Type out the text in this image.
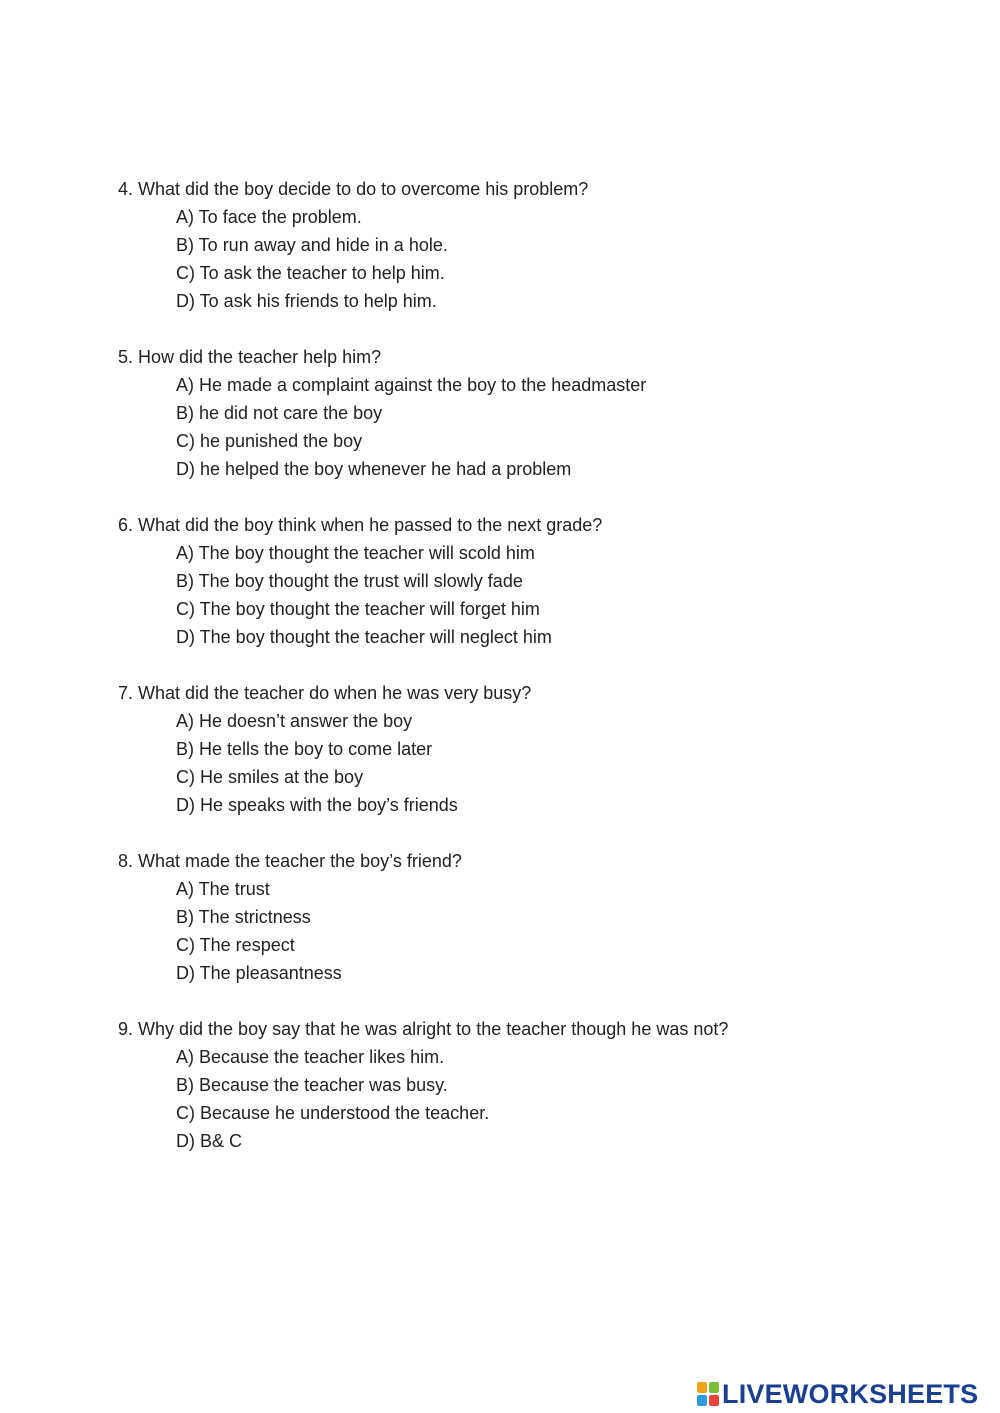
4. What did the boy decide to do to overcome his problem?
A) To face the problem.
B) To run away and hide in a hole.
C) To ask the teacher to help him.
D) To ask his friends to help him.
5. How did the teacher help him?
A) He made a complaint against the boy to the headmaster
B) he did not care the boy
C) he punished the boy
D) he helped the boy whenever he had a problem
6. What did the boy think when he passed to the next grade?
A) The boy thought the teacher will scold him
B) The boy thought the trust will slowly fade
C) The boy thought the teacher will forget him
D) The boy thought the teacher will neglect him
7. What did the teacher do when he was very busy?
A) He doesn’t answer the boy
B) He tells the boy to come later
C) He smiles at the boy
D) He speaks with the boy’s friends
8. What made the teacher the boy’s friend?
A) The trust
B) The strictness
C) The respect
D) The pleasantness
9. Why did the boy say that he was alright to the teacher though he was not?
A) Because the teacher likes him.
B) Because the teacher was busy.
C) Because he understood the teacher.
D) B& C
LIVEWORKSHEETS
